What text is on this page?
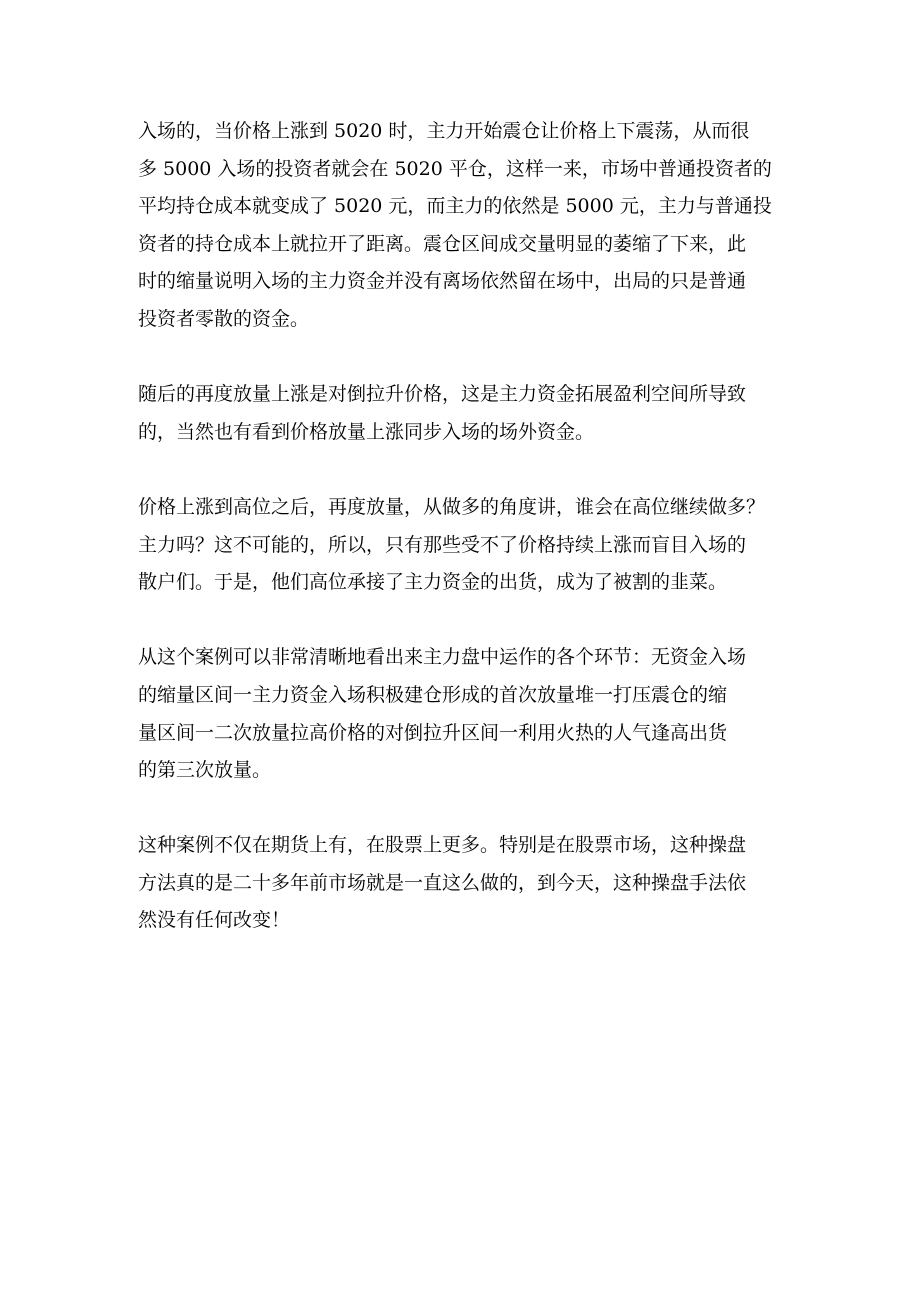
入场的，当价格上涨到 5020 时，主力开始震仓让价格上下震荡，从而很
多 5000 入场的投资者就会在 5020 平仓，这样一来，市场中普通投资者的
平均持仓成本就变成了 5020 元，而主力的依然是 5000 元，主力与普通投
资者的持仓成本上就拉开了距离。震仓区间成交量明显的萎缩了下来，此
时的缩量说明入场的主力资金并没有离场依然留在场中，出局的只是普通
投资者零散的资金。

随后的再度放量上涨是对倒拉升价格，这是主力资金拓展盈利空间所导致
的，当然也有看到价格放量上涨同步入场的场外资金。

价格上涨到高位之后，再度放量，从做多的角度讲，谁会在高位继续做多？
主力吗？这不可能的，所以，只有那些受不了价格持续上涨而盲目入场的
散户们。于是，他们高位承接了主力资金的出货，成为了被割的韭菜。

从这个案例可以非常清晰地看出来主力盘中运作的各个环节：无资金入场
的缩量区间一主力资金入场积极建仓形成的首次放量堆一打压震仓的缩
量区间一二次放量拉高价格的对倒拉升区间一利用火热的人气逢高出货
的第三次放量。

这种案例不仅在期货上有，在股票上更多。特别是在股票市场，这种操盘
方法真的是二十多年前市场就是一直这么做的，到今天，这种操盘手法依
然没有任何改变！
